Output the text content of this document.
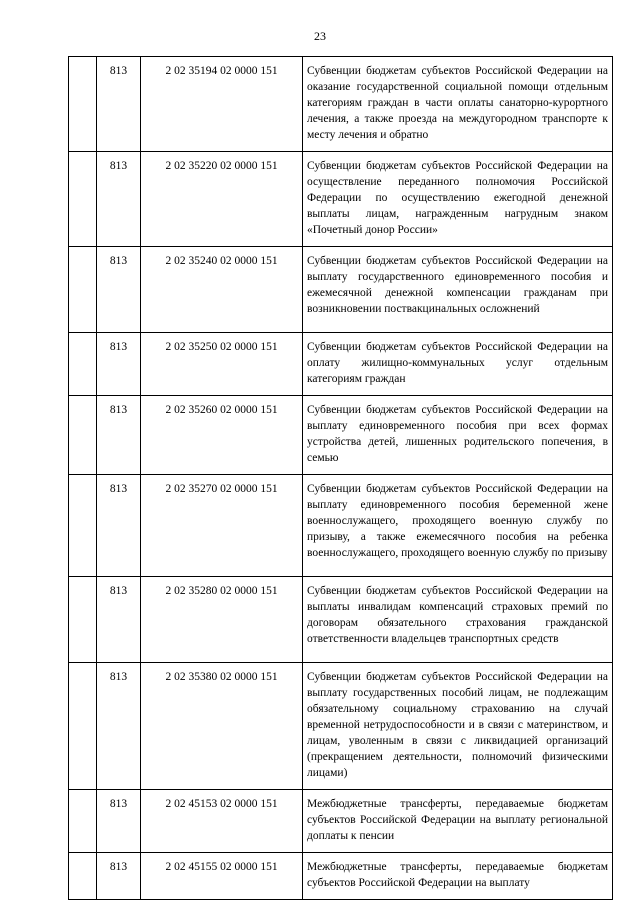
23
	813	2 02 35194 02 0000 151	Субвенции бюджетам субъектов Российской Федерации на оказание государственной социальной помощи отдельным категориям граждан в части оплаты санаторно-курортного лечения, а также проезда на междугородном транспорте к месту лечения и обратно
	813	2 02 35220 02 0000 151	Субвенции бюджетам субъектов Российской Федерации на осуществление переданного полномочия Российской Федерации по осуществлению ежегодной денежной выплаты лицам, награжденным нагрудным знаком «Почетный донор России»
	813	2 02 35240 02 0000 151	Субвенции бюджетам субъектов Российской Федерации на выплату государственного единовременного пособия и ежемесячной денежной компенсации гражданам при возникновении поствакцинальных осложнений
	813	2 02 35250 02 0000 151	Субвенции бюджетам субъектов Российской Федерации на оплату жилищно-коммунальных услуг отдельным категориям граждан
	813	2 02 35260 02 0000 151	Субвенции бюджетам субъектов Российской Федерации на выплату единовременного пособия при всех формах устройства детей, лишенных родительского попечения, в семью
	813	2 02 35270 02 0000 151	Субвенции бюджетам субъектов Российской Федерации на выплату единовременного пособия беременной жене военнослужащего, проходящего военную службу по призыву, а также ежемесячного пособия на ребенка военнослужащего, проходящего военную службу по призыву
	813	2 02 35280 02 0000 151	Субвенции бюджетам субъектов Российской Федерации на выплаты инвалидам компенсаций страховых премий по договорам обязательного страхования гражданской ответственности владельцев транспортных средств
	813	2 02 35380 02 0000 151	Субвенции бюджетам субъектов Российской Федерации на выплату государственных пособий лицам, не подлежащим обязательному социальному страхованию на случай временной нетрудоспособности и в связи с материнством, и лицам, уволенным в связи с ликвидацией организаций (прекращением деятельности, полномочий физическими лицами)
	813	2 02 45153 02 0000 151	Межбюджетные трансферты, передаваемые бюджетам субъектов Российской Федерации на выплату региональной доплаты к пенсии
	813	2 02 45155 02 0000 151	Межбюджетные трансферты, передаваемые бюджетам субъектов Российской Федерации на выплату
